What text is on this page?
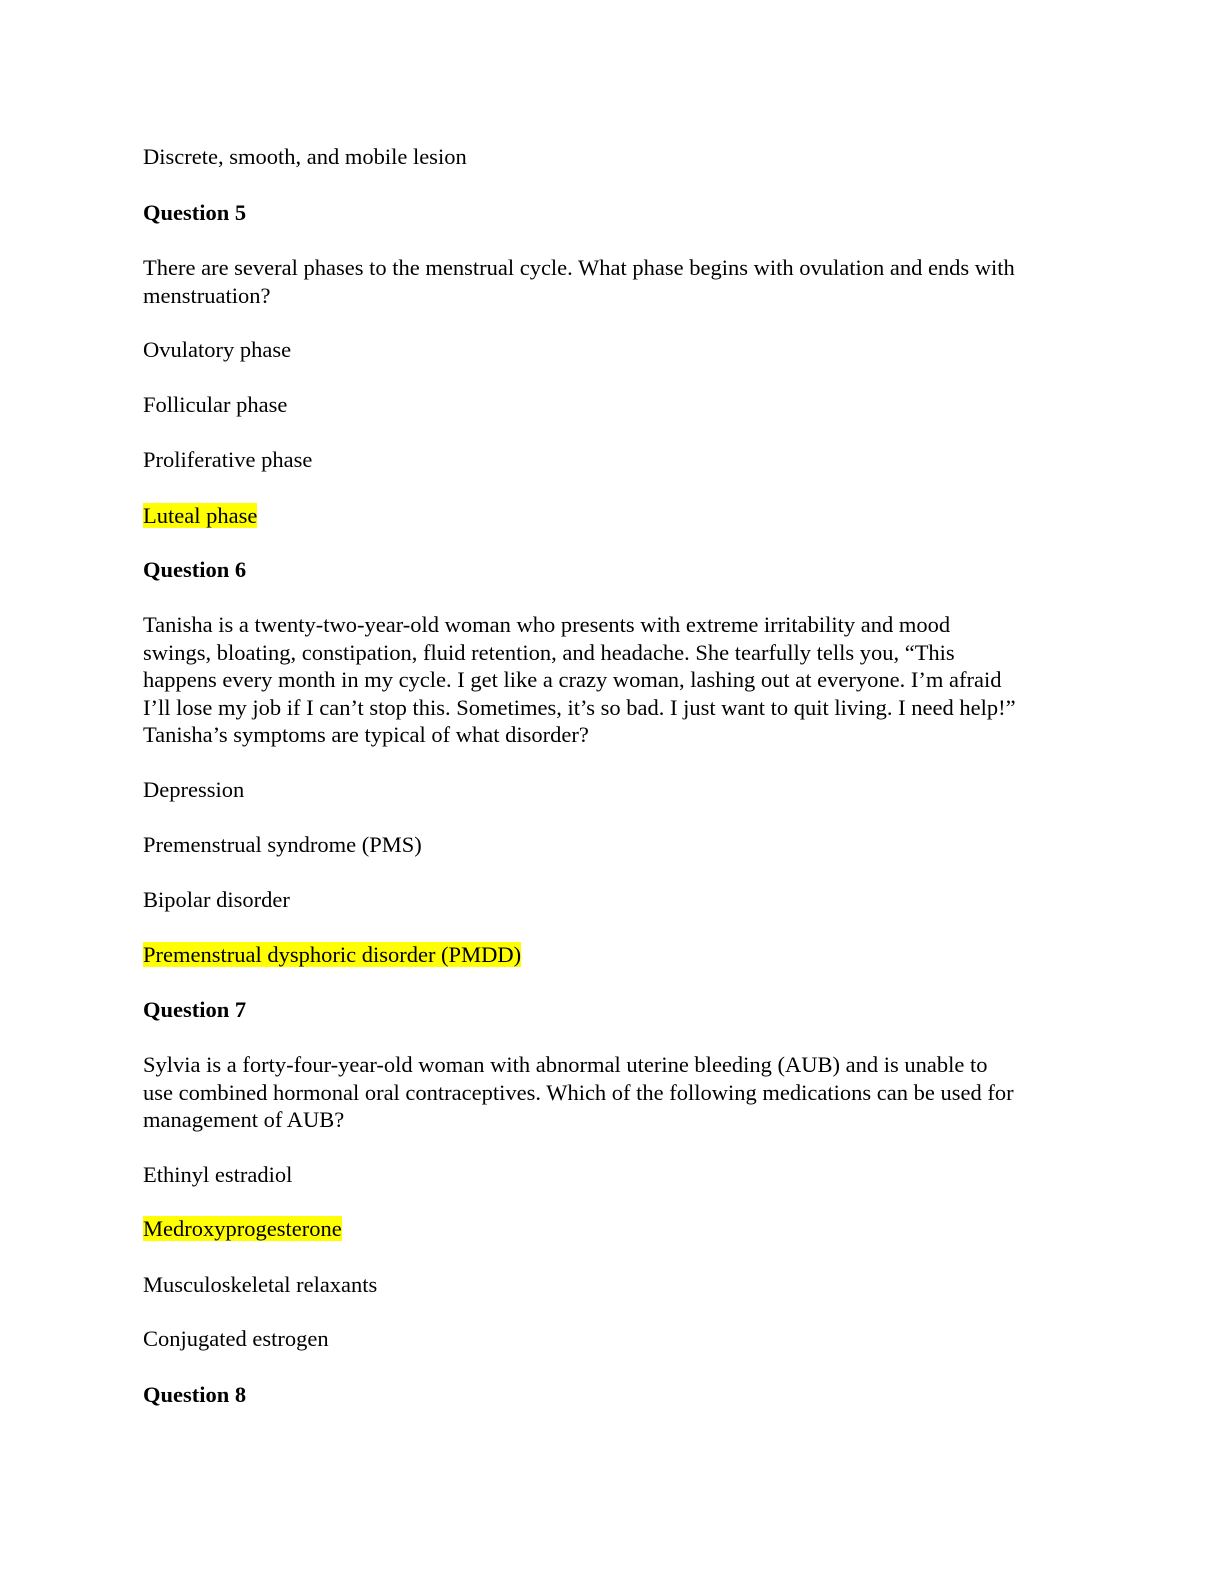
Discrete, smooth, and mobile lesion

Question 5

There are several phases to the menstrual cycle. What phase begins with ovulation and ends with menstruation?

Ovulatory phase

Follicular phase

Proliferative phase

Luteal phase

Question 6

Tanisha is a twenty-two-year-old woman who presents with extreme irritability and mood

swings, bloating, constipation, fluid retention, and headache. She tearfully tells you, “This

happens every month in my cycle. I get like a crazy woman, lashing out at everyone. I’m afraid

I’ll lose my job if I can’t stop this. Sometimes, it’s so bad. I just want to quit living. I need help!”

Tanisha’s symptoms are typical of what disorder?

Depression

Premenstrual syndrome (PMS)

Bipolar disorder

Premenstrual dysphoric disorder (PMDD)

Question 7

Sylvia is a forty-four-year-old woman with abnormal uterine bleeding (AUB) and is unable to

use combined hormonal oral contraceptives. Which of the following medications can be used for

management of AUB?

Ethinyl estradiol

Medroxyprogesterone

Musculoskeletal relaxants

Conjugated estrogen

Question 8
